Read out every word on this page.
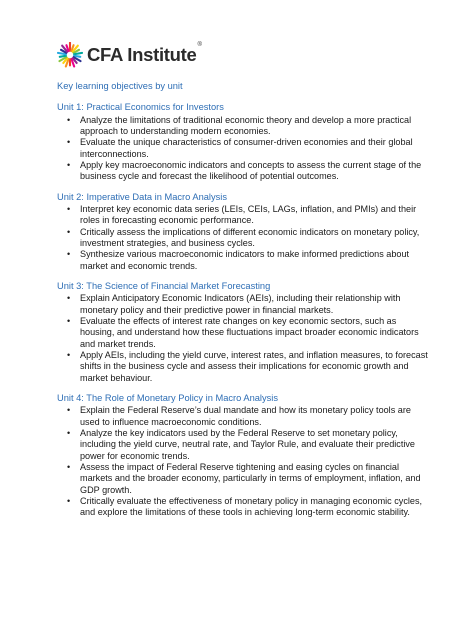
CFA Institute®
Key learning objectives by unit
Unit 1: Practical Economics for Investors
• Analyze the limitations of traditional economic theory and develop a more practical approach to understanding modern economies.
• Evaluate the unique characteristics of consumer-driven economies and their global interconnections.
• Apply key macroeconomic indicators and concepts to assess the current stage of the business cycle and forecast the likelihood of potential outcomes.
Unit 2: Imperative Data in Macro Analysis
• Interpret key economic data series (LEIs, CEIs, LAGs, inflation, and PMIs) and their roles in forecasting economic performance.
• Critically assess the implications of different economic indicators on monetary policy, investment strategies, and business cycles.
• Synthesize various macroeconomic indicators to make informed predictions about market and economic trends.
Unit 3: The Science of Financial Market Forecasting
• Explain Anticipatory Economic Indicators (AEIs), including their relationship with monetary policy and their predictive power in financial markets.
• Evaluate the effects of interest rate changes on key economic sectors, such as housing, and understand how these fluctuations impact broader economic indicators and market trends.
• Apply AEIs, including the yield curve, interest rates, and inflation measures, to forecast shifts in the business cycle and assess their implications for economic growth and market behaviour.
Unit 4: The Role of Monetary Policy in Macro Analysis
• Explain the Federal Reserve’s dual mandate and how its monetary policy tools are used to influence macroeconomic conditions.
• Analyze the key indicators used by the Federal Reserve to set monetary policy, including the yield curve, neutral rate, and Taylor Rule, and evaluate their predictive power for economic trends.
• Assess the impact of Federal Reserve tightening and easing cycles on financial markets and the broader economy, particularly in terms of employment, inflation, and GDP growth.
• Critically evaluate the effectiveness of monetary policy in managing economic cycles, and explore the limitations of these tools in achieving long-term economic stability.
